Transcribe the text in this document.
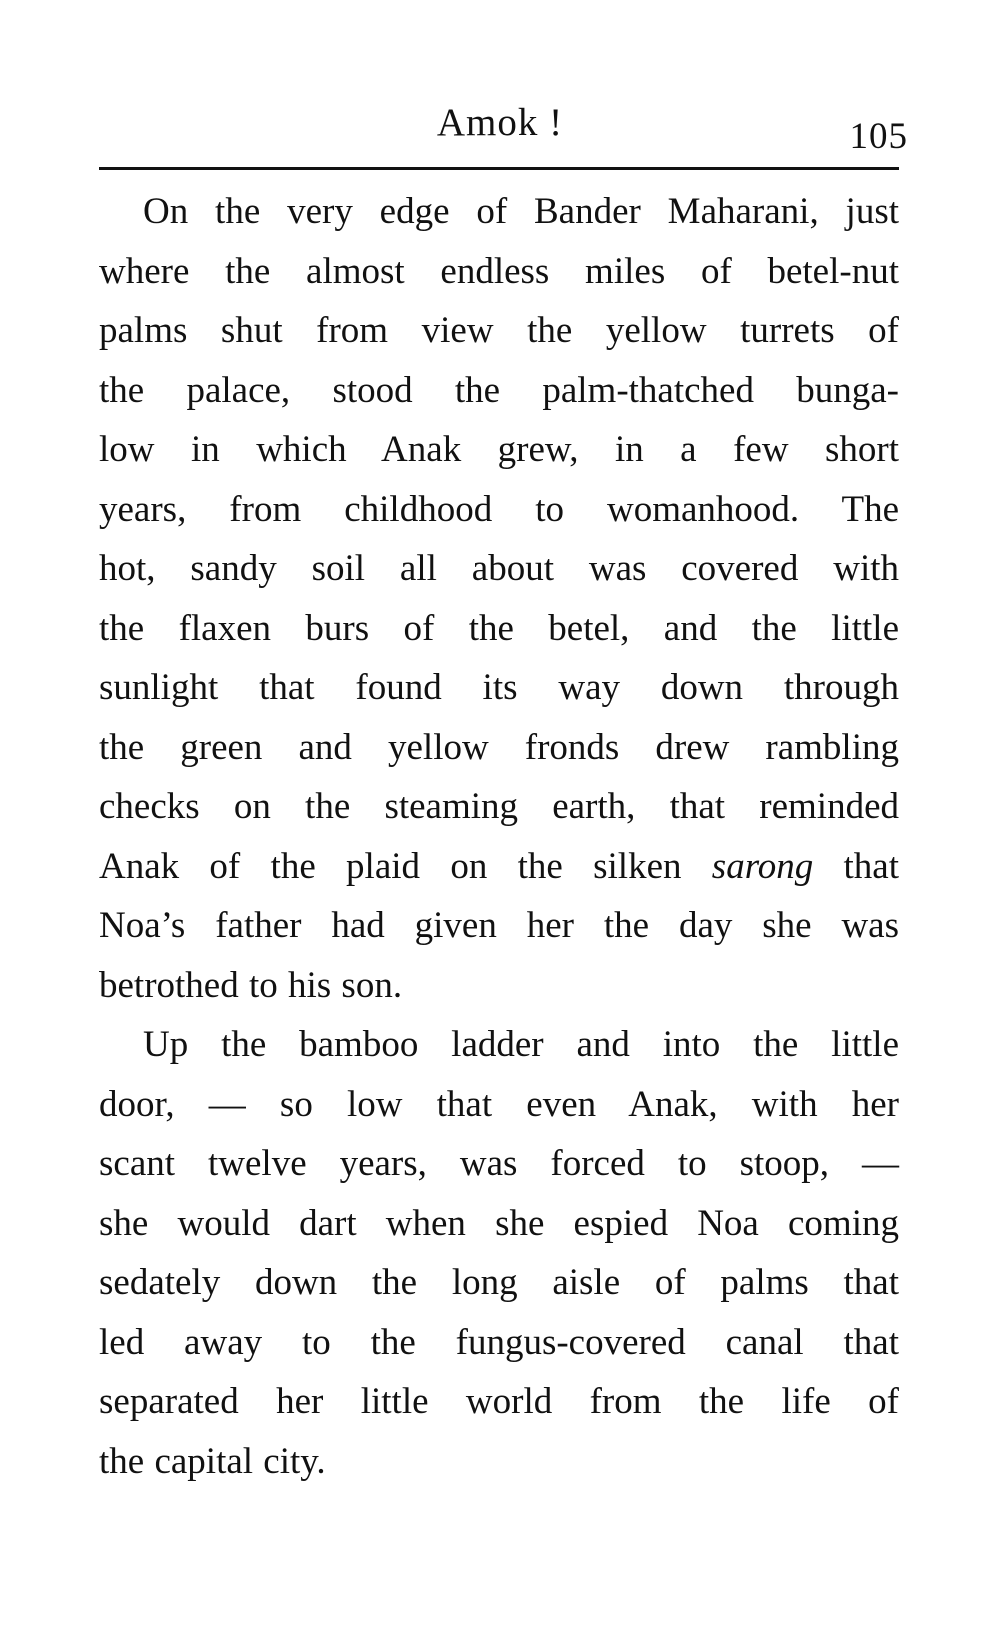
Amok !	105
On the very edge of Bander Maharani, just
where the almost endless miles of betel-nut
palms shut from view the yellow turrets of
the palace, stood the palm-thatched bunga-
low in which Anak grew, in a few short
years, from childhood to womanhood. The
hot, sandy soil all about was covered with
the flaxen burs of the betel, and the little
sunlight that found its way down through
the green and yellow fronds drew rambling
checks on the steaming earth, that reminded
Anak of the plaid on the silken sarong that
Noa’s father had given her the day she was
betrothed to his son.
Up the bamboo ladder and into the little
door, — so low that even Anak, with her
scant twelve years, was forced to stoop, —
she would dart when she espied Noa coming
sedately down the long aisle of palms that
led away to the fungus-covered canal that
separated her little world from the life of
the capital city.
